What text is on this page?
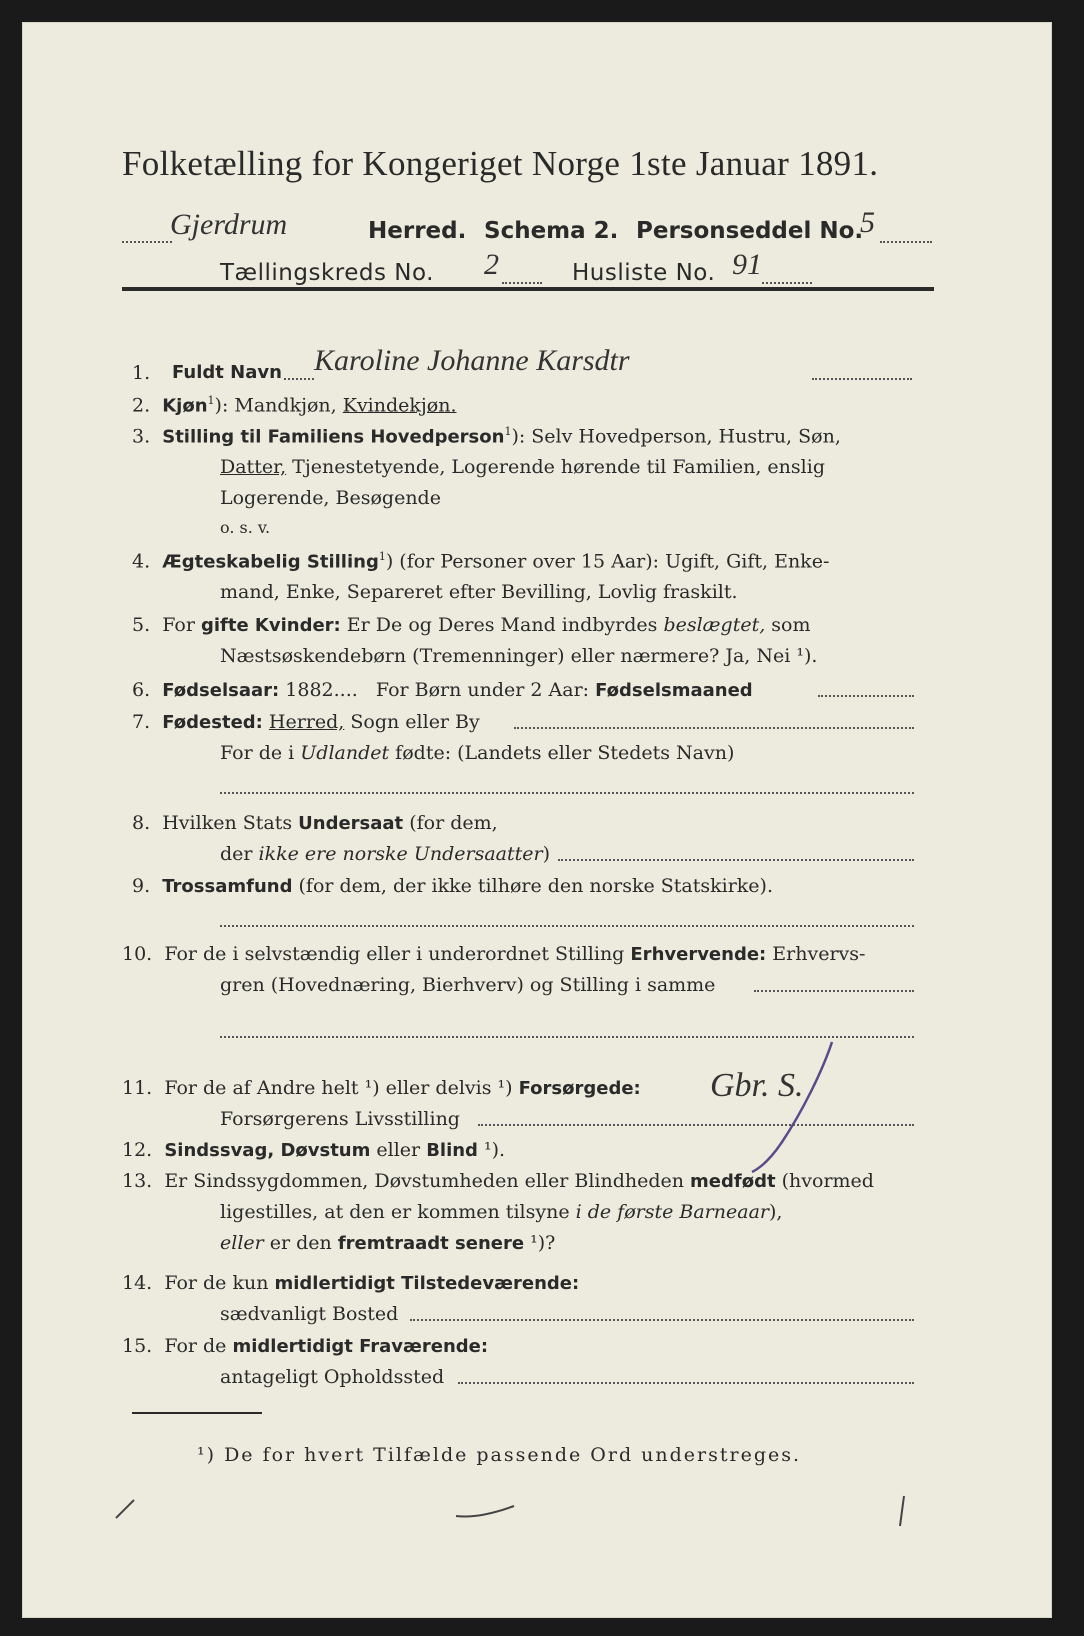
Folketælling for Kongeriget Norge 1ste Januar 1891.
Gjerdrum	Herred. Schema 2. Personseddel No.
5
Tællingskreds No. 2	Husliste No. 91
1. Fuldt Navn Karoline Johanne Karsdtr
2. Kjøn$^1$): Mandkjøn, Kvindekjøn.
3. Stilling til Familiens Hovedperson$^1$): Selv Hovedperson, Hustru, Søn,
Datter, Tjenestetyende, Logerende hørende til Familien, enslig
Logerende, Besøgende
o. s. v.
4. Ægteskabelig Stilling$^1$) (for Personer over 15 Aar): Ugift, Gift, Enke-
mand, Enke, Separeret efter Bevilling, Lovlig fraskilt.
5. For gifte Kvinder: Er De og Deres Mand indbyrdes beslægtet, som
Næstsøskendebørn (Tremenninger) eller nærmere? Ja, Nei ¹).
6. Fødselsaar: 1882....   For Børn under 2 Aar: Fødselsmaaned
7. Fødested: Herred, Sogn eller By
For de i Udlandet fødte: (Landets eller Stedets Navn)
8. Hvilken Stats Undersaat (for dem,
der ikke ere norske Undersaatter)
9. Trossamfund (for dem, der ikke tilhøre den norske Statskirke).
10. For de i selvstændig eller i underordnet Stilling Erhvervende: Erhvervs-
gren (Hovednæring, Bierhverv) og Stilling i samme
11. For de af Andre helt ¹) eller delvis ¹) Forsørgede: Gbr. S.
Forsørgerens Livsstilling
12. Sindssvag, Døvstum eller Blind ¹).
13. Er Sindssygdommen, Døvstumheden eller Blindheden medfødt (hvormed
ligestilles, at den er kommen tilsyne i de første Barneaar),
eller er den fremtraadt senere ¹)?
14. For de kun midlertidigt Tilstedeværende:
sædvanligt Bosted
15. For de midlertidigt Fraværende:
antageligt Opholdssted
¹) De for hvert Tilfælde passende Ord understreges.
